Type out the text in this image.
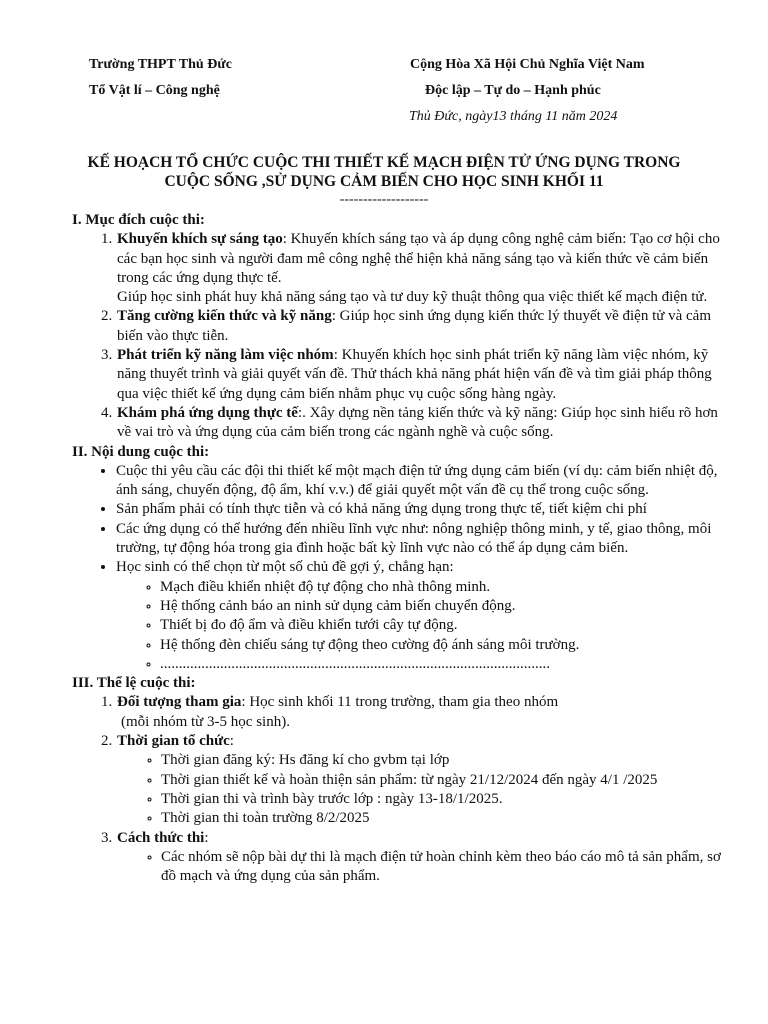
Trường THPT Thủ Đức
Tổ Vật lí – Công nghệ
Cộng Hòa Xã Hội Chủ Nghĩa Việt Nam
Độc lập – Tự do – Hạnh phúc
Thủ Đức, ngày13 tháng 11 năm 2024
KẾ HOẠCH TỔ CHỨC CUỘC THI THIẾT KẾ MẠCH ĐIỆN TỬ ỨNG DỤNG TRONG
CUỘC SỐNG ,SỬ DỤNG CẢM BIẾN CHO HỌC SINH KHỐI 11
-------------------

I. Mục đích cuộc thi:

1. Khuyến khích sự sáng tạo: Khuyến khích sáng tạo và áp dụng công nghệ cảm biến: Tạo cơ hội cho các bạn học sinh và người đam mê công nghệ thể hiện khả năng sáng tạo và kiến thức về cảm biến trong các ứng dụng thực tế.
Giúp học sinh phát huy khả năng sáng tạo và tư duy kỹ thuật thông qua việc thiết kế mạch điện tử.
2. Tăng cường kiến thức và kỹ năng: Giúp học sinh ứng dụng kiến thức lý thuyết về điện tử và cảm biến vào thực tiễn.
3. Phát triển kỹ năng làm việc nhóm: Khuyến khích học sinh phát triển kỹ năng làm việc nhóm, kỹ năng thuyết trình và giải quyết vấn đề. Thử thách khả năng phát hiện vấn đề và tìm giải pháp thông qua việc thiết kế ứng dụng cảm biến nhằm phục vụ cuộc sống hàng ngày.
4. Khám phá ứng dụng thực tế:. Xây dựng nền tảng kiến thức và kỹ năng: Giúp học sinh hiểu rõ hơn về vai trò và ứng dụng của cảm biến trong các ngành nghề và cuộc sống.

II. Nội dung cuộc thi:

• Cuộc thi yêu cầu các đội thi thiết kế một mạch điện tử ứng dụng cảm biến (ví dụ: cảm biến nhiệt độ, ánh sáng, chuyển động, độ ẩm, khí v.v.) để giải quyết một vấn đề cụ thể trong cuộc sống.
• Sản phẩm phải có tính thực tiễn và có khả năng ứng dụng trong thực tế, tiết kiệm chi phí
• Các ứng dụng có thể hướng đến nhiều lĩnh vực như: nông nghiệp thông minh, y tế, giao thông, môi trường, tự động hóa trong gia đình hoặc bất kỳ lĩnh vực nào có thể áp dụng cảm biến.
• Học sinh có thể chọn từ một số chủ đề gợi ý, chẳng hạn:
◦ Mạch điều khiển nhiệt độ tự động cho nhà thông minh.
◦ Hệ thống cảnh báo an ninh sử dụng cảm biến chuyển động.
◦ Thiết bị đo độ ẩm và điều khiển tưới cây tự động.
◦ Hệ thống đèn chiếu sáng tự động theo cường độ ánh sáng môi trường.
◦ ........................................................................................................

III. Thể lệ cuộc thi:

1. Đối tượng tham gia: Học sinh khối 11 trong trường, tham gia theo nhóm
(mỗi nhóm từ 3-5 học sinh).
2. Thời gian tổ chức:
◦ Thời gian đăng ký: Hs đăng kí cho gvbm tại lớp
◦ Thời gian thiết kế và hoàn thiện sản phẩm: từ ngày 21/12/2024 đến ngày 4/1 /2025
◦ Thời gian thi và trình bày trước lớp : ngày 13-18/1/2025.
◦ Thời gian thi toàn trường 8/2/2025
3. Cách thức thi:
◦ Các nhóm sẽ nộp bài dự thi là mạch điện tử hoàn chỉnh kèm theo báo cáo mô tả sản phẩm, sơ đồ mạch và ứng dụng của sản phẩm.
